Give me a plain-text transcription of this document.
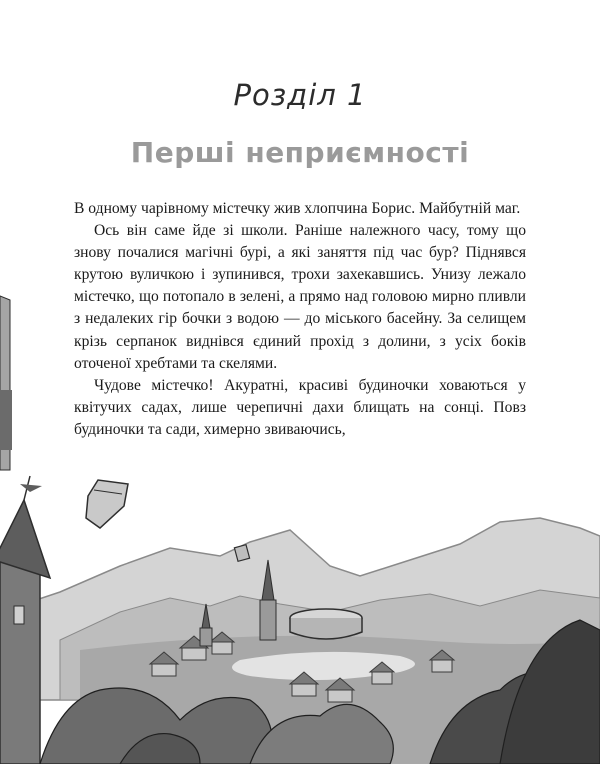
Розділ 1
Перші неприємності

В одному чарівному містечку жив хлопчина Борис. Майбутній маг.

Ось він саме йде зі школи. Раніше належного часу, тому що знову почалися магічні бурі, а які заняття під час бур? Піднявся крутою вуличкою і зупинився, трохи захекавшись. Унизу лежало містечко, що потопало в зелені, а прямо над головою мирно пливли з недалеких гір бочки з водою — до міського басейну. За селищем крізь серпанок виднівся єдиний прохід з долини, з усіх боків оточеної хребтами та скелями.

Чудове містечко! Акуратні, красиві будиночки ховаються у квітучих садах, лише черепичні дахи блищать на сонці. Повз будиночки та сади, химерно звиваючись,
